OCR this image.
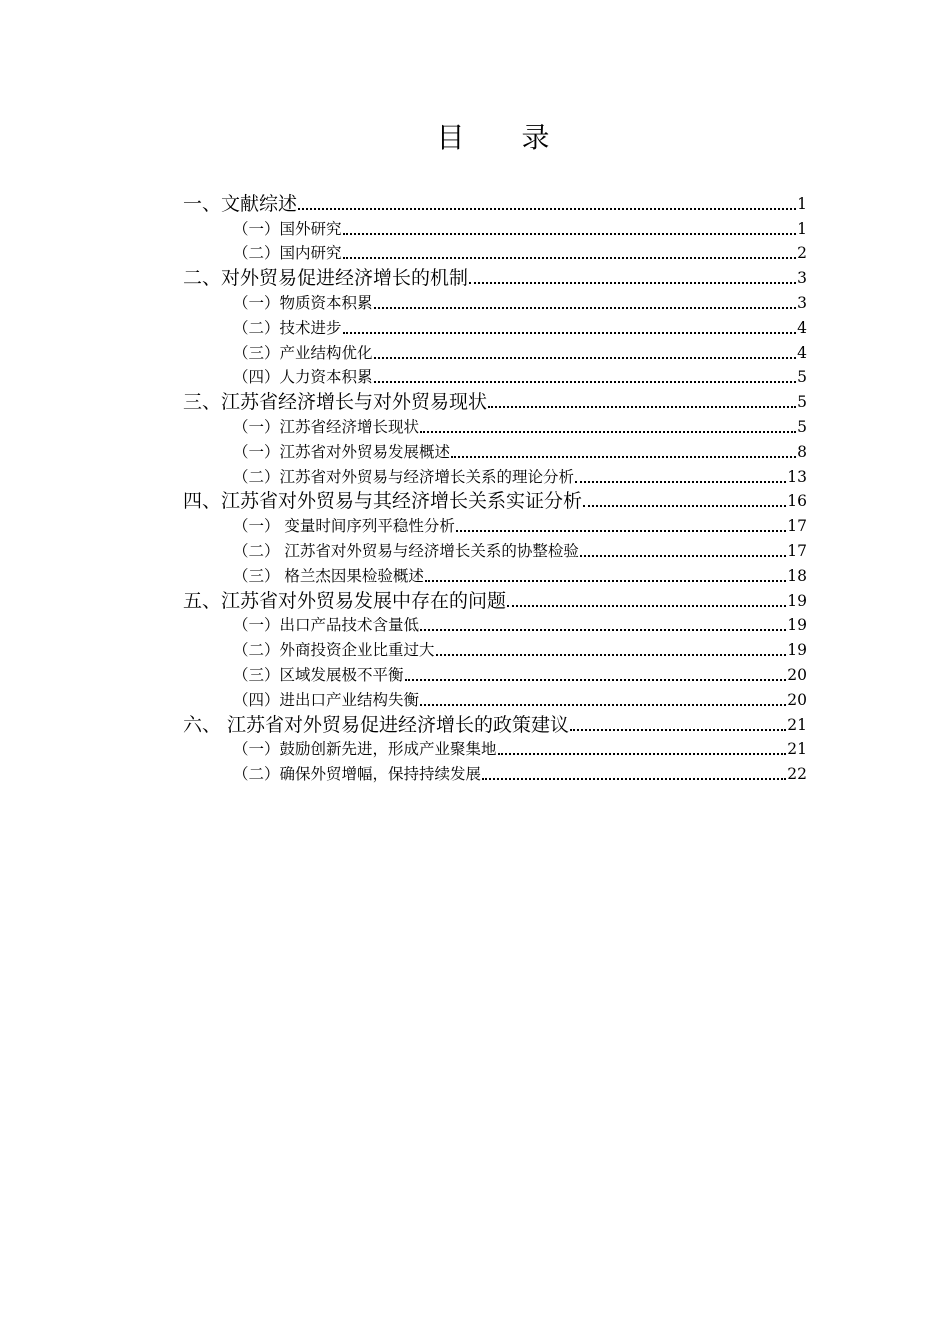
目 录
一、文献综述	1
（一）国外研究	1
（二）国内研究	2
二、对外贸易促进经济增长的机制	3
（一）物质资本积累	3
（二）技术进步	4
（三）产业结构优化	4
（四）人力资本积累	5
三、江苏省经济增长与对外贸易现状	5
（一）江苏省经济增长现状	5
（一）江苏省对外贸易发展概述	8
（二）江苏省对外贸易与经济增长关系的理论分析	13
四、江苏省对外贸易与其经济增长关系实证分析	16
（一） 变量时间序列平稳性分析	17
（二） 江苏省对外贸易与经济增长关系的协整检验	17
（三） 格兰杰因果检验概述	18
五、江苏省对外贸易发展中存在的问题	19
（一）出口产品技术含量低	19
（二）外商投资企业比重过大	19
（三）区域发展极不平衡	20
（四）进出口产业结构失衡	20
六、 江苏省对外贸易促进经济增长的政策建议	21
（一）鼓励创新先进，形成产业聚集地	21
（二）确保外贸增幅，保持持续发展	22
